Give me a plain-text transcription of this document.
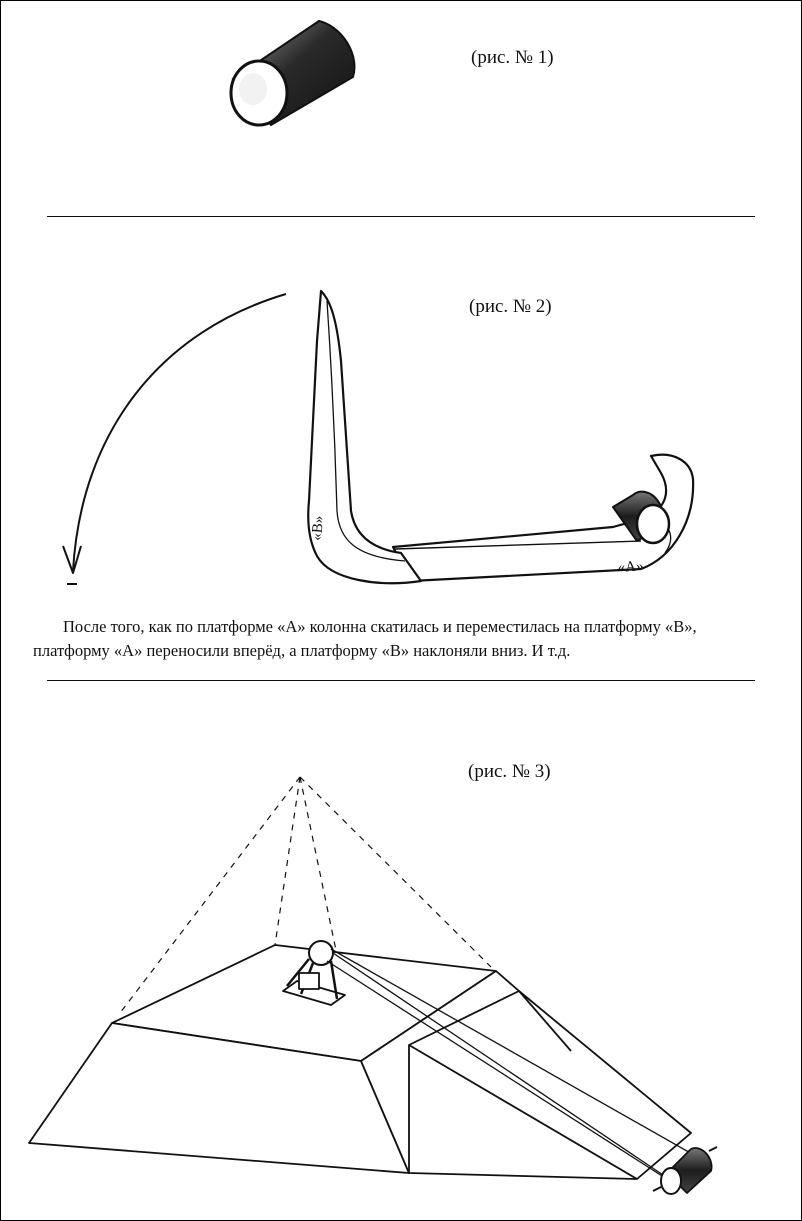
«В»
«А»
(рис. № 1)
(рис. № 2)
После того, как по платформе «А» колонна скатилась и переместилась на платформу «В»,
платформу «А» переносили вперёд, а платформу «В» наклоняли вниз. И т.д.
(рис. № 3)
